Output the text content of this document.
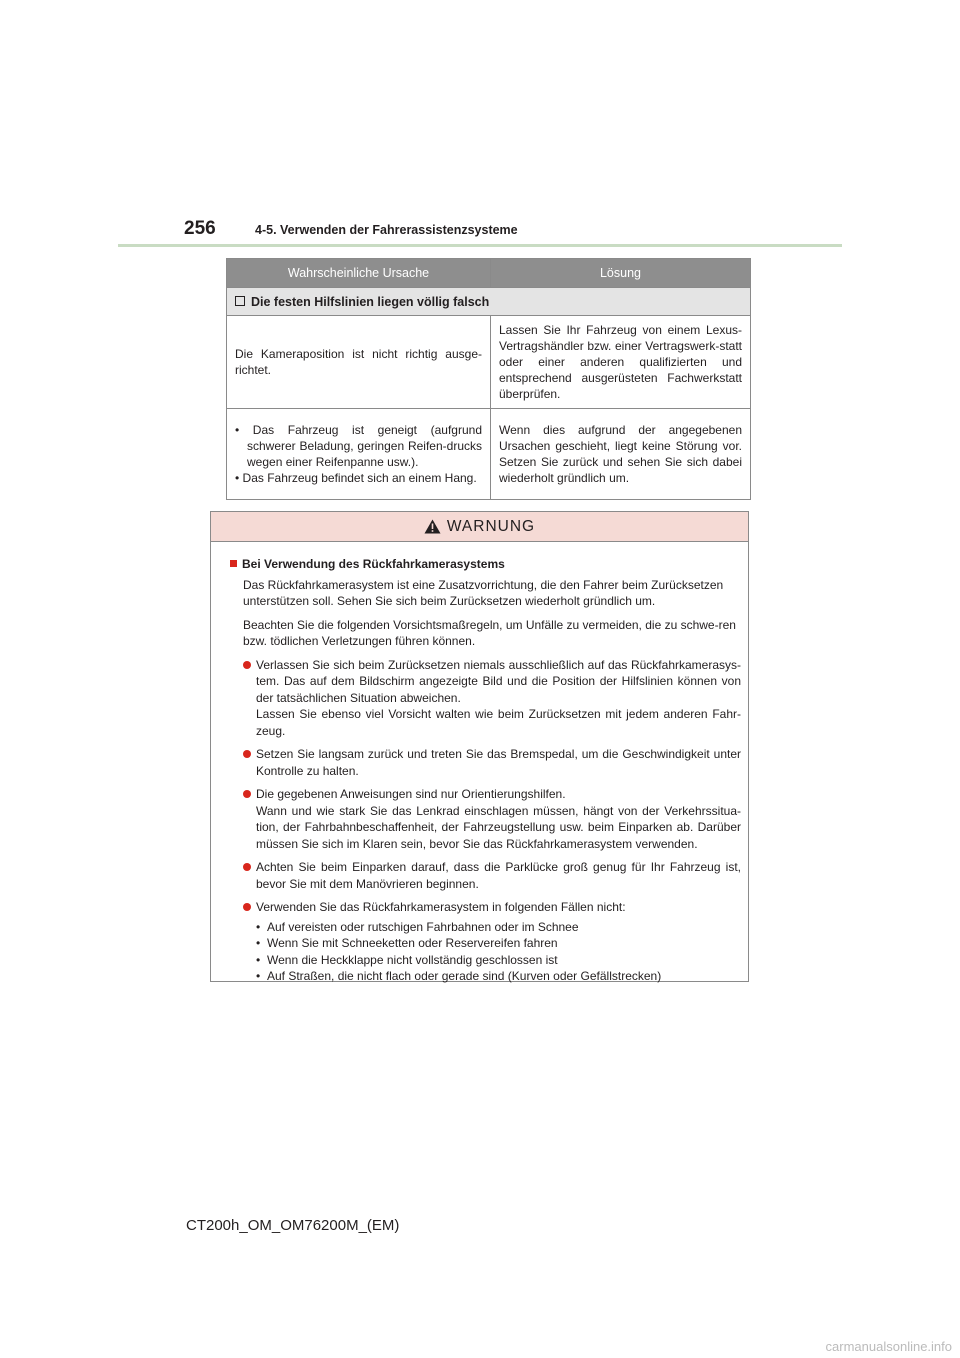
256	4-5. Verwenden der Fahrerassistenzsysteme
Wahrscheinliche Ursache	Lösung
Die festen Hilfslinien liegen völlig falsch	

Die Kameraposition ist nicht richtig ausge-richtet.	Lassen Sie Ihr Fahrzeug von einem Lexus-Vertragshändler bzw. einer Vertragswerk-statt oder einer anderen qualifizierten und entsprechend ausgerüsteten Fachwerkstatt überprüfen.

• Das Fahrzeug ist geneigt (aufgrund schwerer Beladung, geringen Reifen-drucks wegen einer Reifenpanne usw.).
• Das Fahrzeug befindet sich an einem Hang.	Wenn dies aufgrund der angegebenen Ursachen geschieht, liegt keine Störung vor. Setzen Sie zurück und sehen Sie sich dabei wiederholt gründlich um.
WARNUNG

Bei Verwendung des Rückfahrkamerasystems

Das Rückfahrkamerasystem ist eine Zusatzvorrichtung, die den Fahrer beim Zurücksetzen unterstützen soll. Sehen Sie sich beim Zurücksetzen wiederholt gründlich um.

Beachten Sie die folgenden Vorsichtsmaßregeln, um Unfälle zu vermeiden, die zu schwe-ren bzw. tödlichen Verletzungen führen können.

Verlassen Sie sich beim Zurücksetzen niemals ausschließlich auf das Rückfahrkamerasys-tem. Das auf dem Bildschirm angezeigte Bild und die Position der Hilfslinien können von der tatsächlichen Situation abweichen.
Lassen Sie ebenso viel Vorsicht walten wie beim Zurücksetzen mit jedem anderen Fahr-zeug.
Setzen Sie langsam zurück und treten Sie das Bremspedal, um die Geschwindigkeit unter Kontrolle zu halten.
Die gegebenen Anweisungen sind nur Orientierungshilfen.
Wann und wie stark Sie das Lenkrad einschlagen müssen, hängt von der Verkehrssitua-tion, der Fahrbahnbeschaffenheit, der Fahrzeugstellung usw. beim Einparken ab. Darüber müssen Sie sich im Klaren sein, bevor Sie das Rückfahrkamerasystem verwenden.
Achten Sie beim Einparken darauf, dass die Parklücke groß genug für Ihr Fahrzeug ist, bevor Sie mit dem Manövrieren beginnen.
Verwenden Sie das Rückfahrkamerasystem in folgenden Fällen nicht:
• Auf vereisten oder rutschigen Fahrbahnen oder im Schnee
• Wenn Sie mit Schneeketten oder Reservereifen fahren
• Wenn die Heckklappe nicht vollständig geschlossen ist
• Auf Straßen, die nicht flach oder gerade sind (Kurven oder Gefällstrecken)
CT200h_OM_OM76200M_(EM)
carmanualsonline.info
